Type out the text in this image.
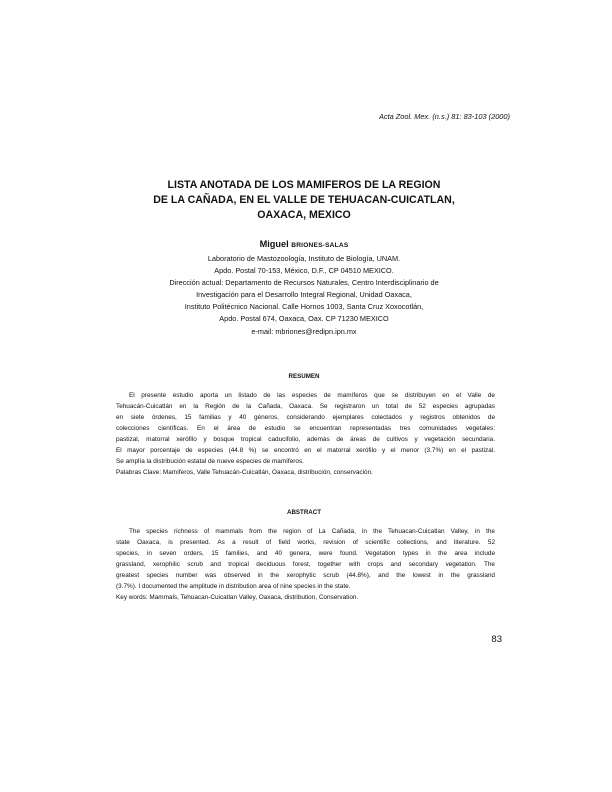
Acta Zool. Mex. (n.s.) 81: 83-103 (2000)
LISTA ANOTADA DE LOS MAMIFEROS DE LA REGION
DE LA CAÑADA, EN EL VALLE DE TEHUACAN-CUICATLAN,
OAXACA, MEXICO
Miguel BRIONES-SALAS
Laboratorio de Mastozoología, Instituto de Biología, UNAM.
Apdo. Postal 70-153, México, D.F., CP 04510 MEXICO.
Dirección actual: Departamento de Recursos Naturales, Centro Interdisciplinario de
Investigación para el Desarrollo Integral Regional, Unidad Oaxaca,
Instituto Politécnico Nacional. Calle Hornos 1003, Santa Cruz Xoxocotlán,
Apdo. Postal 674, Oaxaca, Oax. CP 71230 MEXICO
e-mail: mbriones@redipn.ipn.mx
RESUMEN
El presente estudio aporta un listado de las especies de mamíferos que se distribuyen en el Valle de
Tehuacán-Cuicatlán en la Región de la Cañada, Oaxaca. Se registraron un total de 52 especies agrupadas
en siete órdenes, 15 familias y 40 géneros, considerando ejemplares colectados y registros obtenidos de
colecciones científicas. En el área de estudio se encuentran representadas tres comunidades vegetales:
pastizal, matorral xerófilo y bosque tropical caducifolio, además de áreas de cultivos y vegetación secundaria.
El mayor porcentaje de especies (44.8 %) se encontró en el matorral xerófilo y el menor (3.7%) en el pastizal.
Se amplía la distribución estatal de nueve especies de mamíferos.
Palabras Clave: Mamíferos, Valle Tehuacán-Cuicatlán, Oaxaca, distribución, conservación.
ABSTRACT
The species richness of mammals from the region of La Cañada, in the Tehuacan-Cuicatlan Valley, in the
state Oaxaca, is presented. As a result of field works, revision of scientific collections, and literature. 52
species, in seven orders, 15 families, and 40 genera, were found. Vegetation types in the area include
grassland, xerophilic scrub and tropical deciduous forest, together with crops and secondary vegetation. The
greatest species number was observed in the xerophytic scrub (44.8%), and the lowest in the grassland
(3.7%). I documented the amplitude in distribution area of nine species in the state.
Key words: Mammals, Tehuacan-Cuicatlan Valley, Oaxaca, distribution, Conservation.
83
